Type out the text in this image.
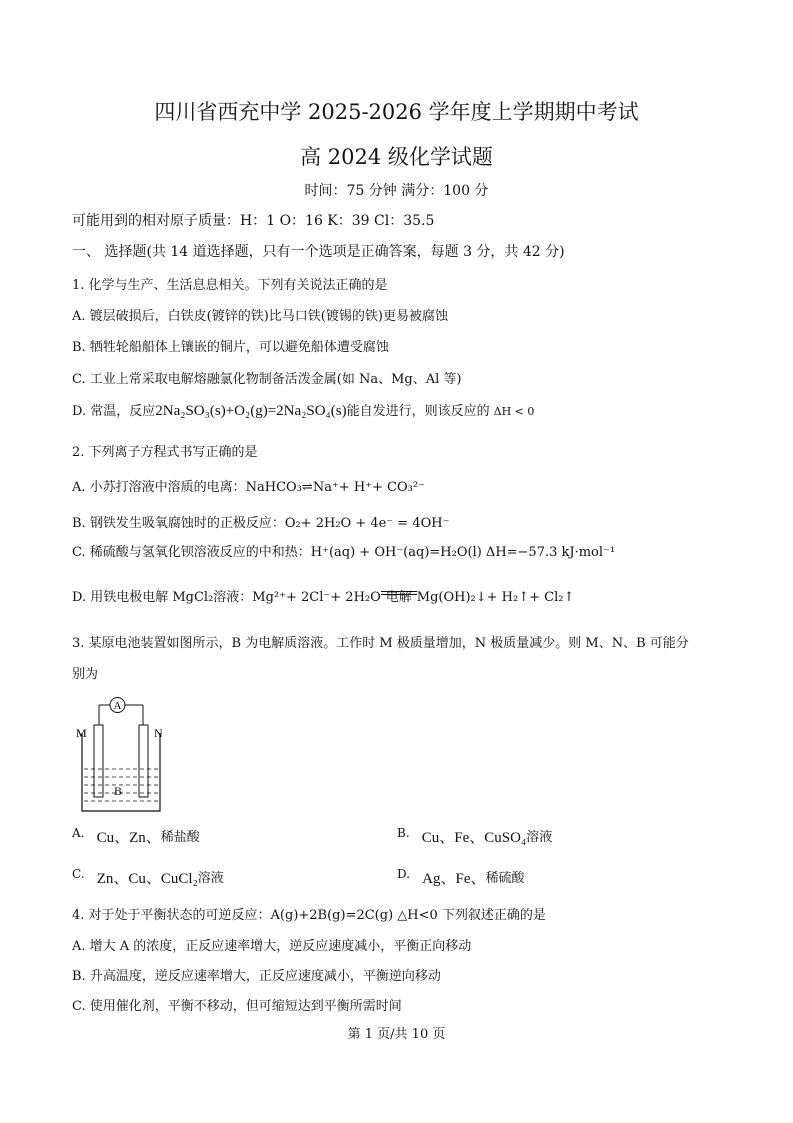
四川省西充中学 2025-2026 学年度上学期期中考试
高 2024 级化学试题
时间：75 分钟 满分：100 分
可能用到的相对原子质量：H：1 O：16 K：39 Cl：35.5
一、 选择题(共 14 道选择题，只有一个选项是正确答案，每题 3 分，共 42 分)
1. 化学与生产、生活息息相关。下列有关说法正确的是
A. 镀层破损后，白铁皮(镀锌的铁)比马口铁(镀锡的铁)更易被腐蚀
B. 牺牲轮船船体上镶嵌的铜片，可以避免船体遭受腐蚀
C. 工业上常采取电解熔融氯化物制备活泼金属(如 Na、Mg、Al 等)
D. 常温，反应2Na₂SO₃(s)+O₂(g)=2Na₂SO₄(s)能自发进行，则该反应的 ΔH < 0
2. 下列离子方程式书写正确的是
A. 小苏打溶液中溶质的电离：NaHCO₃⇌Na⁺+ H⁺+ CO₃²⁻
B. 钢铁发生吸氧腐蚀时的正极反应：O₂+ 2H₂O + 4e⁻ = 4OH⁻
C. 稀硫酸与氢氧化钡溶液反应的中和热：H⁺(aq) + OH⁻(aq)=H₂O(l) ΔH=−57.3 kJ·mol⁻¹
D. 用铁电极电解 MgCl₂溶液：Mg²⁺+ 2Cl⁻+ 2H₂O 电解 Mg(OH)₂↓+ H₂↑+ Cl₂↑
3. 某原电池装置如图所示，B 为电解质溶液。工作时 M 极质量增加，N 极质量减少。则 M、N、B 可能分
别为
A
B
M	N
A. Cu、Zn、稀盐酸	B. Cu、Fe、CuSO₄溶液
C. Zn、Cu、CuCl₂溶液	D. Ag、Fe、稀硫酸
4. 对于处于平衡状态的可逆反应：A(g)+2B(g)=2C(g) △H<0 下列叙述正确的是
A. 增大 A 的浓度，正反应速率增大，逆反应速度减小，平衡正向移动
B. 升高温度，逆反应速率增大，正反应速度减小，平衡逆向移动
C. 使用催化剂，平衡不移动，但可缩短达到平衡所需时间
第 1 页/共 10 页
